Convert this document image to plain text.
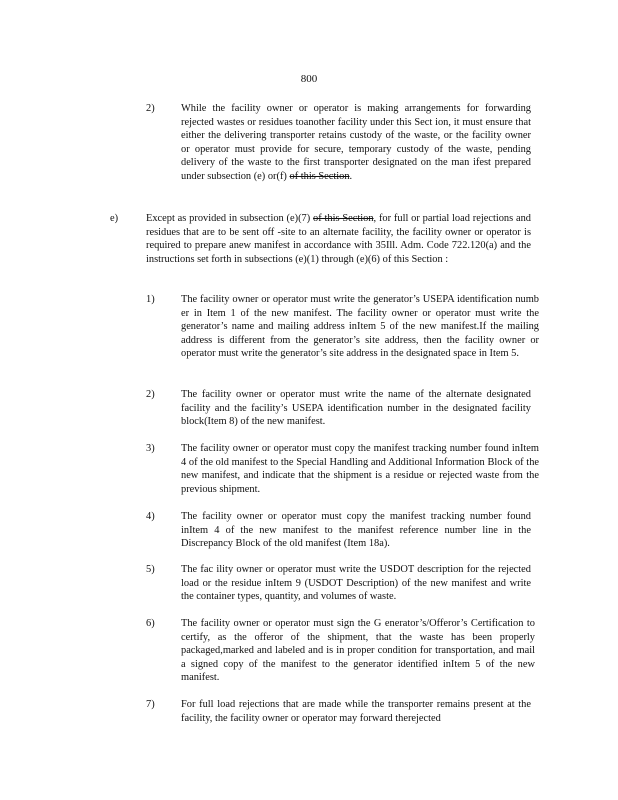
800
2)	While the facility owner or operator is making arrangements for forwarding rejected wastes or residues toanother facility under this Sect ion, it must ensure that either the delivering transporter retains custody of the waste, or the facility owner or operator must provide for secure, temporary custody of the waste, pending delivery of the waste to the first transporter designated on the man ifest prepared under subsection (e) or(f) of this Section.
e)	Except as provided in subsection (e)(7) of this Section, for full or partial load rejections and residues that are to be sent off -site to an alternate facility, the facility owner or operator is required to prepare anew manifest in accordance with 35Ill. Adm. Code 722.120(a) and the instructions set forth in subsections (e)(1) through (e)(6) of this Section :
1)	The facility owner or operator must write the generator’s USEPA identification numb er in Item 1 of the new manifest. The facility owner or operator must write the generator’s name and mailing address inItem 5 of the new manifest.If the mailing address is different from the generator’s site address, then the facility owner or operator must write the generator’s site address in the designated space in Item 5.
2)	The facility owner or operator must write the name of the alternate designated facility and the facility’s USEPA identification number in the designated facility block(Item 8) of the new manifest.
3)	The facility owner or operator must copy the manifest tracking number found inItem 4 of the old manifest to the Special Handling and Additional Information Block of the new manifest, and indicate that the shipment is a residue or rejected waste from the previous shipment.
4)	The facility owner or operator must copy the manifest tracking number found inItem 4 of the new manifest to the manifest reference number line in the Discrepancy Block of the old manifest (Item 18a).
5)	The fac ility owner or operator must write the USDOT description for the rejected load or the residue inItem 9 (USDOT Description) of the new manifest and write the container types, quantity, and volumes of waste.
6)	The facility owner or operator must sign the G enerator’s/Offeror’s Certification to certify, as the offeror of the shipment, that the waste has been properly packaged,marked and labeled and is in proper condition for transportation, and mail a signed copy of the manifest to the generator identified inItem 5 of the new manifest.
7)	For full load rejections that are made while the transporter remains present at the facility, the facility owner or operator may forward therejected
